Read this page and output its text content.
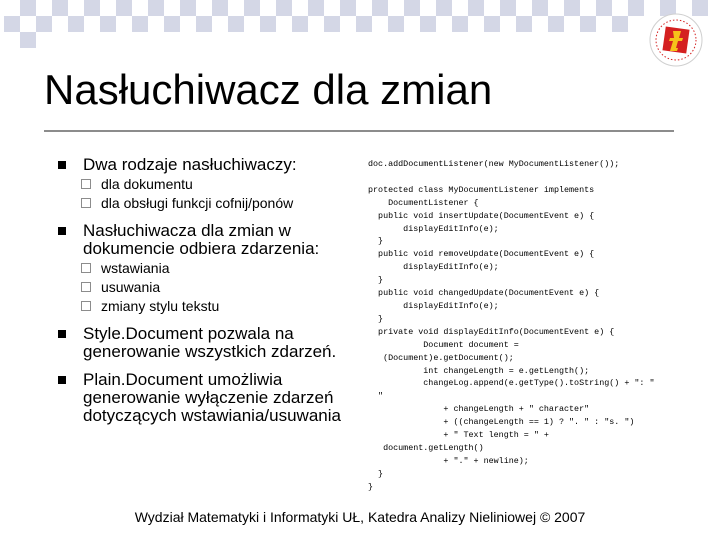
Nasłuchiwacz dla zmian
Dwa rodzaje nasłuchiwaczy:
dla dokumentu
dla obsługi funkcji cofnij/ponów
Nasłuchiwacza dla zmian w dokumencie odbiera zdarzenia:
wstawiania
usuwania
zmiany stylu tekstu
Style.Document pozwala na generowanie wszystkich zdarzeń.
Plain.Document umożliwia generowanie wyłączenie zdarzeń dotyczących wstawiania/usuwania
doc.addDocumentListener(new MyDocumentListener());

protected class MyDocumentListener implements
DocumentListener {
public void insertUpdate(DocumentEvent e) {
displayEditInfo(e);
}
public void removeUpdate(DocumentEvent e) {
displayEditInfo(e);
}
public void changedUpdate(DocumentEvent e) {
displayEditInfo(e);
}
private void displayEditInfo(DocumentEvent e) {
Document document =
(Document)e.getDocument();
int changeLength = e.getLength();
changeLog.append(e.getType().toString() + ": "
"
+ changeLength + " character"
+ ((changeLength == 1) ? ". " : "s. ")
+ " Text length = " +
document.getLength()
+ "." + newline);
}
}
Wydział Matematyki i Informatyki UŁ, Katedra Analizy Nieliniowej © 2007
